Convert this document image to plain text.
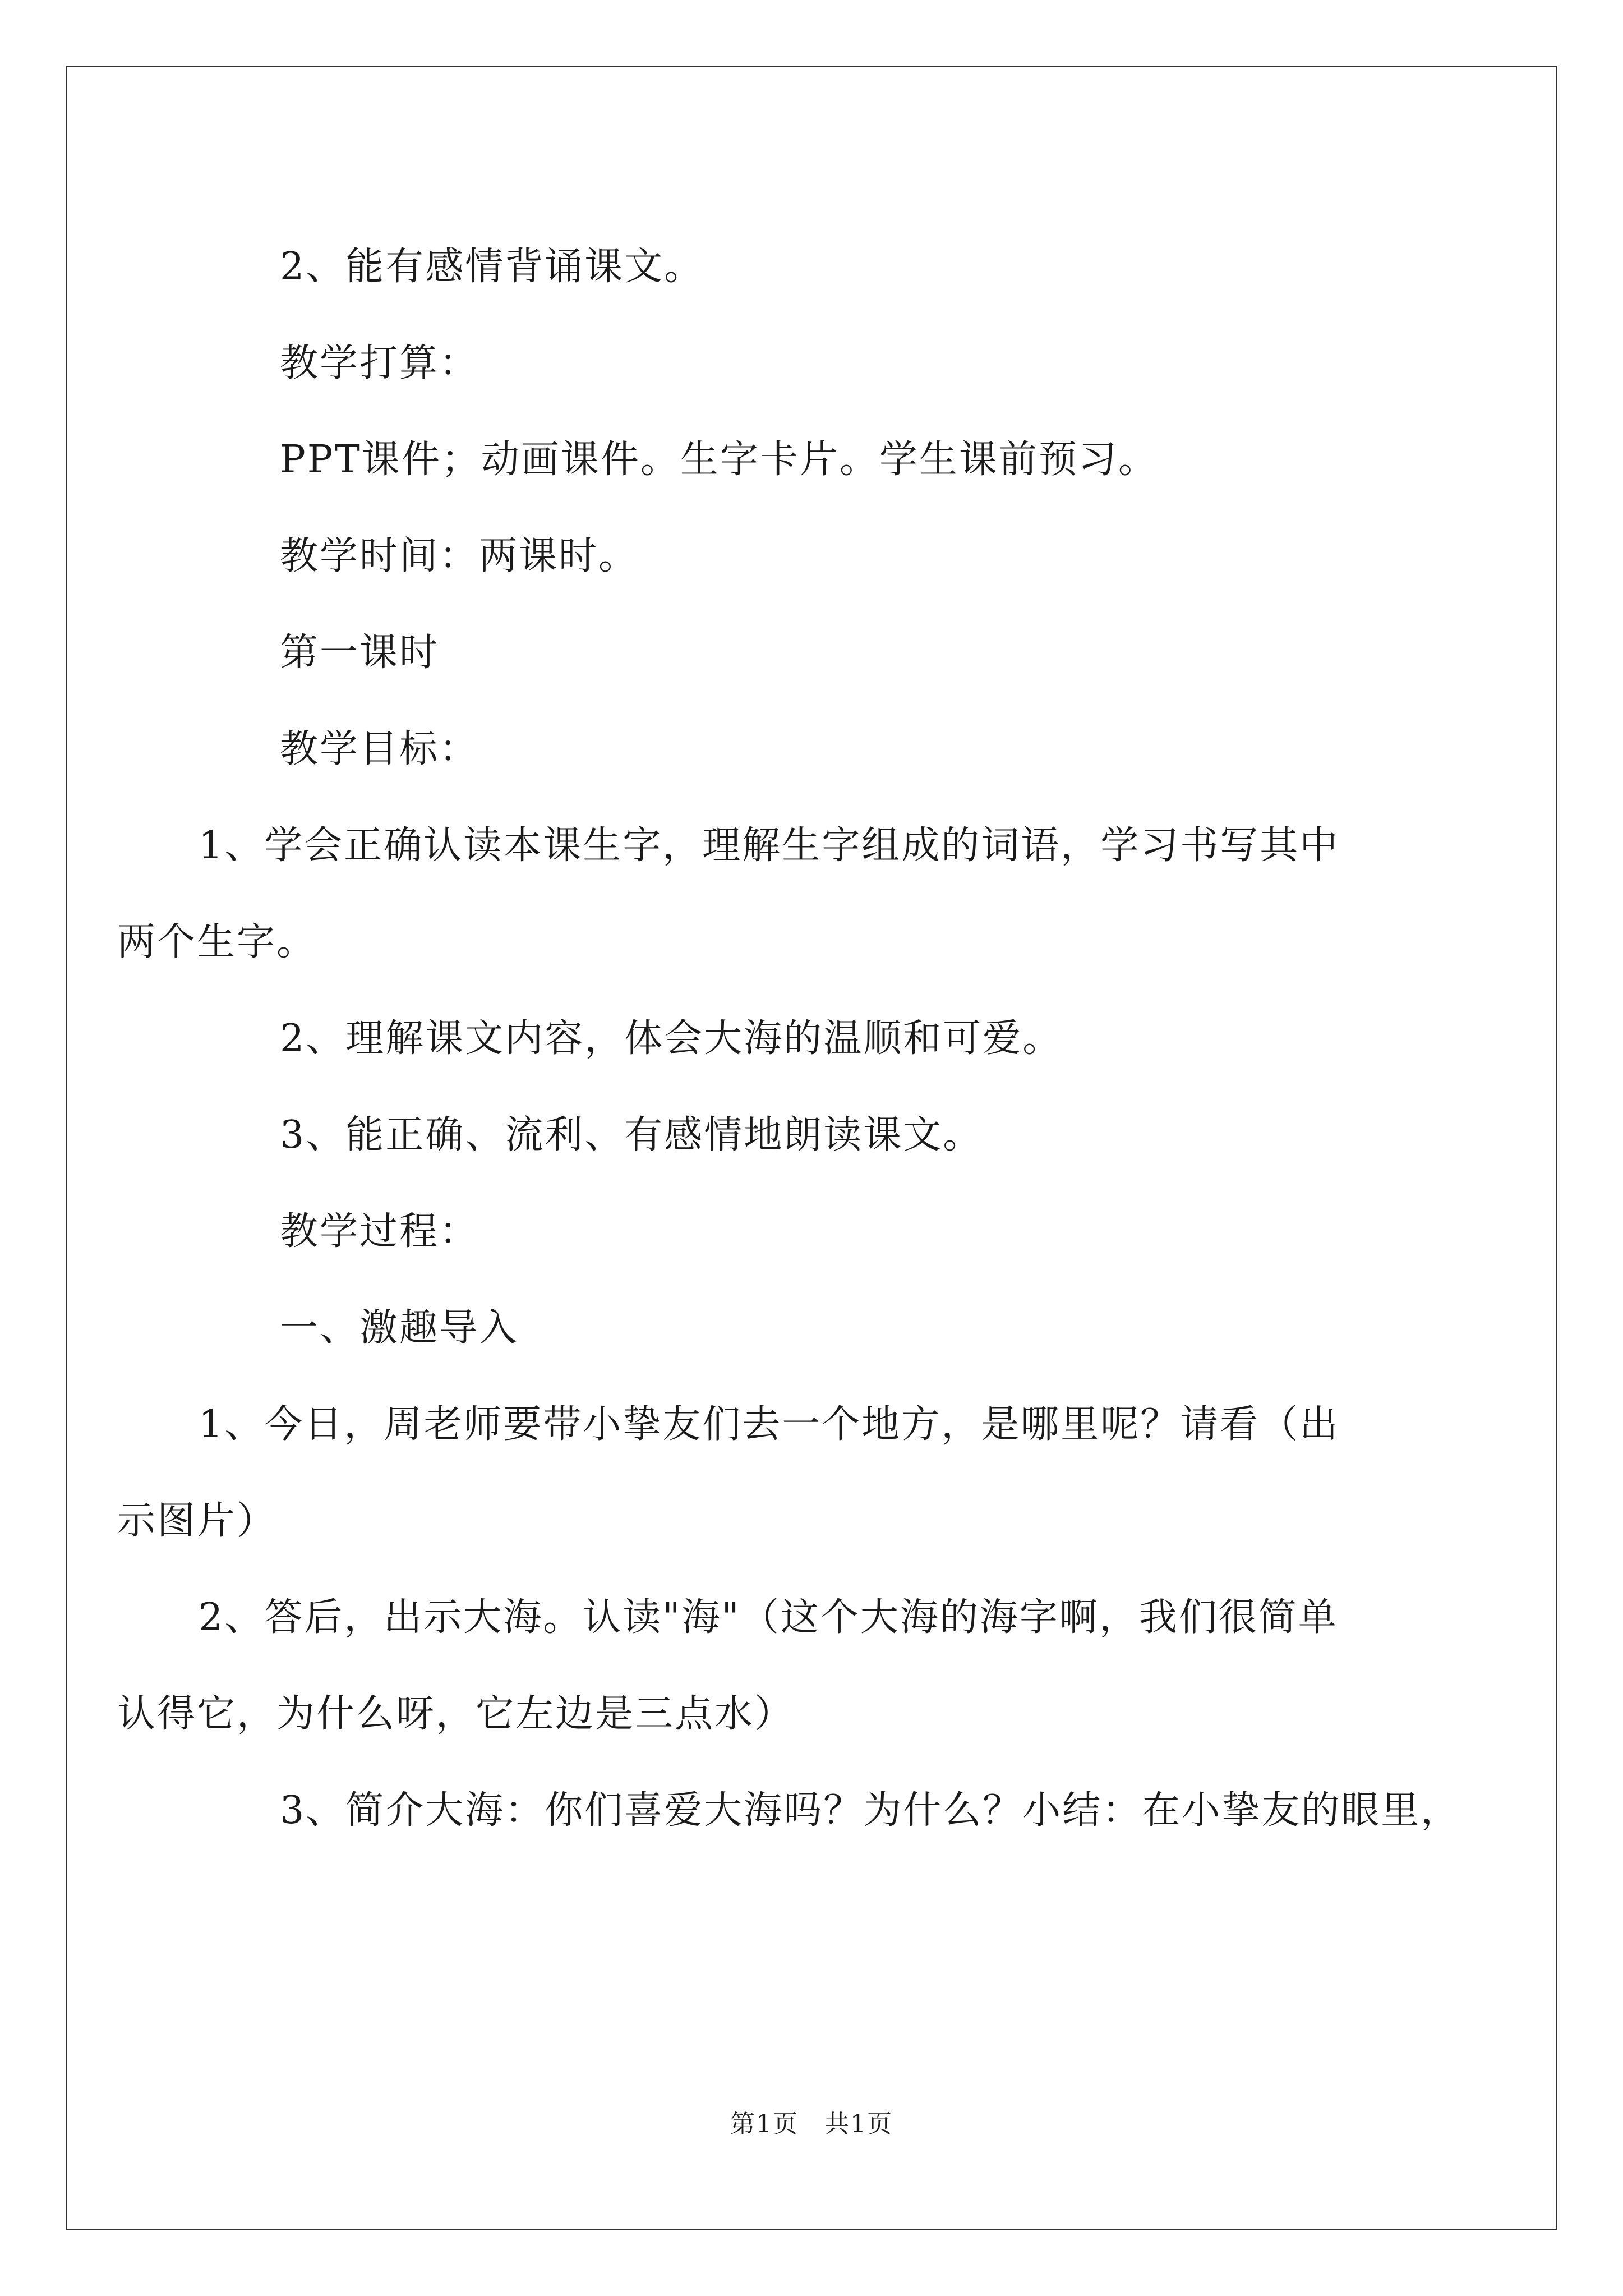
2、能有感情背诵课文。

教学打算：

PPT课件；动画课件。生字卡片。学生课前预习。

教学时间：两课时。

第一课时

教学目标：

1、学会正确认读本课生字，理解生字组成的词语，学习书写其中
两个生字。

2、理解课文内容，体会大海的温顺和可爱。

3、能正确、流利、有感情地朗读课文。

教学过程：

一、激趣导入

1、今日，周老师要带小挚友们去一个地方，是哪里呢？请看（出
示图片）

2、答后，出示大海。认读"海"（这个大海的海字啊，我们很简单
认得它，为什么呀，它左边是三点水）

3、简介大海：你们喜爱大海吗？为什么？小结：在小挚友的眼里，

第1页　共1页
